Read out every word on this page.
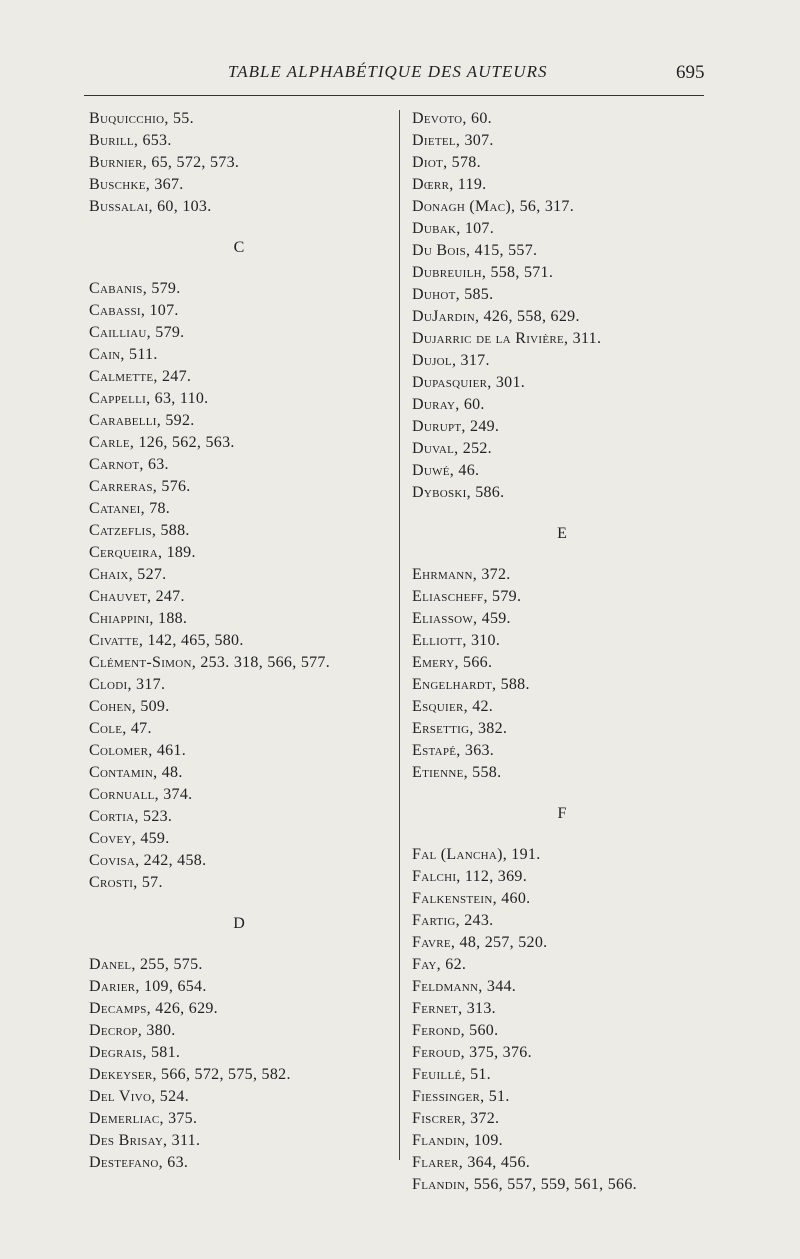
TABLE ALPHABÉTIQUE DES AUTEURS	695
Buquicchio, 55.
Burill, 653.
Burnier, 65, 572, 573.
Buschke, 367.
Bussalai, 60, 103.
C
Cabanis, 579.
Cabassi, 107.
Cailliau, 579.
Cain, 511.
Calmette, 247.
Cappelli, 63, 110.
Carabelli, 592.
Carle, 126, 562, 563.
Carnot, 63.
Carreras, 576.
Catanei, 78.
Catzeflis, 588.
Cerqueira, 189.
Chaix, 527.
Chauvet, 247.
Chiappini, 188.
Civatte, 142, 465, 580.
Clément-Simon, 253. 318, 566, 577.
Clodi, 317.
Cohen, 509.
Cole, 47.
Colomer, 461.
Contamin, 48.
Cornuall, 374.
Cortia, 523.
Covey, 459.
Covisa, 242, 458.
Crosti, 57.
D
Danel, 255, 575.
Darier, 109, 654.
Decamps, 426, 629.
Decrop, 380.
Degrais, 581.
Dekeyser, 566, 572, 575, 582.
Del Vivo, 524.
Demerliac, 375.
Des Brisay, 311.
Destefano, 63.
Devoto, 60.
Dietel, 307.
Diot, 578.
Dœrr, 119.
Donagh (Mac), 56, 317.
Dubak, 107.
Du Bois, 415, 557.
Dubreuilh, 558, 571.
Duhot, 585.
DuJardin, 426, 558, 629.
Dujarric de la Rivière, 311.
Dujol, 317.
Dupasquier, 301.
Duray, 60.
Durupt, 249.
Duval, 252.
Duwé, 46.
Dyboski, 586.
E
Ehrmann, 372.
Eliascheff, 579.
Eliassow, 459.
Elliott, 310.
Emery, 566.
Engelhardt, 588.
Esquier, 42.
Ersettig, 382.
Estapé, 363.
Etienne, 558.
F
Fal (Lancha), 191.
Falchi, 112, 369.
Falkenstein, 460.
Fartig, 243.
Favre, 48, 257, 520.
Fay, 62.
Feldmann, 344.
Fernet, 313.
Ferond, 560.
Feroud, 375, 376.
Feuillé, 51.
Fiessinger, 51.
Fiscrer, 372.
Flandin, 109.
Flarer, 364, 456.
Flandin, 556, 557, 559, 561, 566.
